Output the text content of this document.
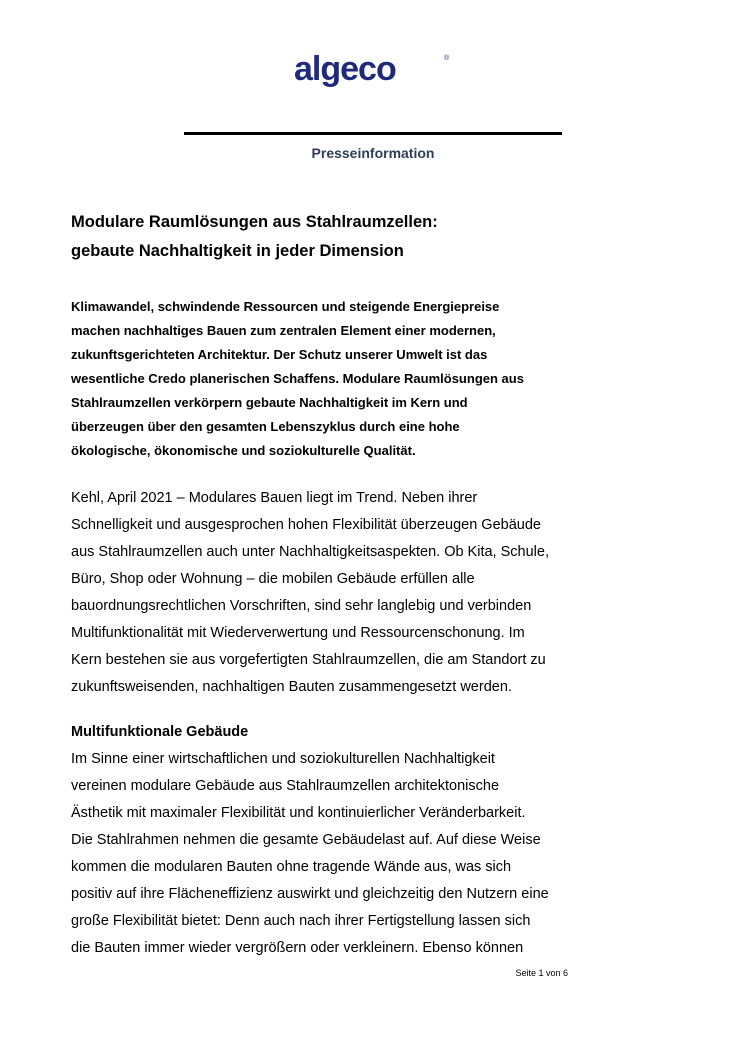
algeco	®
Presseinformation
Modulare Raumlösungen aus Stahlraumzellen:
gebaute Nachhaltigkeit in jeder Dimension
Klimawandel, schwindende Ressourcen und steigende Energiepreise
machen nachhaltiges Bauen zum zentralen Element einer modernen,
zukunftsgerichteten Architektur. Der Schutz unserer Umwelt ist das
wesentliche Credo planerischen Schaffens. Modulare Raumlösungen aus
Stahlraumzellen verkörpern gebaute Nachhaltigkeit im Kern und
überzeugen über den gesamten Lebenszyklus durch eine hohe
ökologische, ökonomische und soziokulturelle Qualität.
Kehl, April 2021 – Modulares Bauen liegt im Trend. Neben ihrer
Schnelligkeit und ausgesprochen hohen Flexibilität überzeugen Gebäude
aus Stahlraumzellen auch unter Nachhaltigkeitsaspekten. Ob Kita, Schule,
Büro, Shop oder Wohnung – die mobilen Gebäude erfüllen alle
bauordnungsrechtlichen Vorschriften, sind sehr langlebig und verbinden
Multifunktionalität mit Wiederverwertung und Ressourcenschonung. Im
Kern bestehen sie aus vorgefertigten Stahlraumzellen, die am Standort zu
zukunftsweisenden, nachhaltigen Bauten zusammengesetzt werden.
Multifunktionale Gebäude
Im Sinne einer wirtschaftlichen und soziokulturellen Nachhaltigkeit
vereinen modulare Gebäude aus Stahlraumzellen architektonische
Ästhetik mit maximaler Flexibilität und kontinuierlicher Veränderbarkeit.
Die Stahlrahmen nehmen die gesamte Gebäudelast auf. Auf diese Weise
kommen die modularen Bauten ohne tragende Wände aus, was sich
positiv auf ihre Flächeneffizienz auswirkt und gleichzeitig den Nutzern eine
große Flexibilität bietet: Denn auch nach ihrer Fertigstellung lassen sich
die Bauten immer wieder vergrößern oder verkleinern. Ebenso können
Seite 1 von 6
